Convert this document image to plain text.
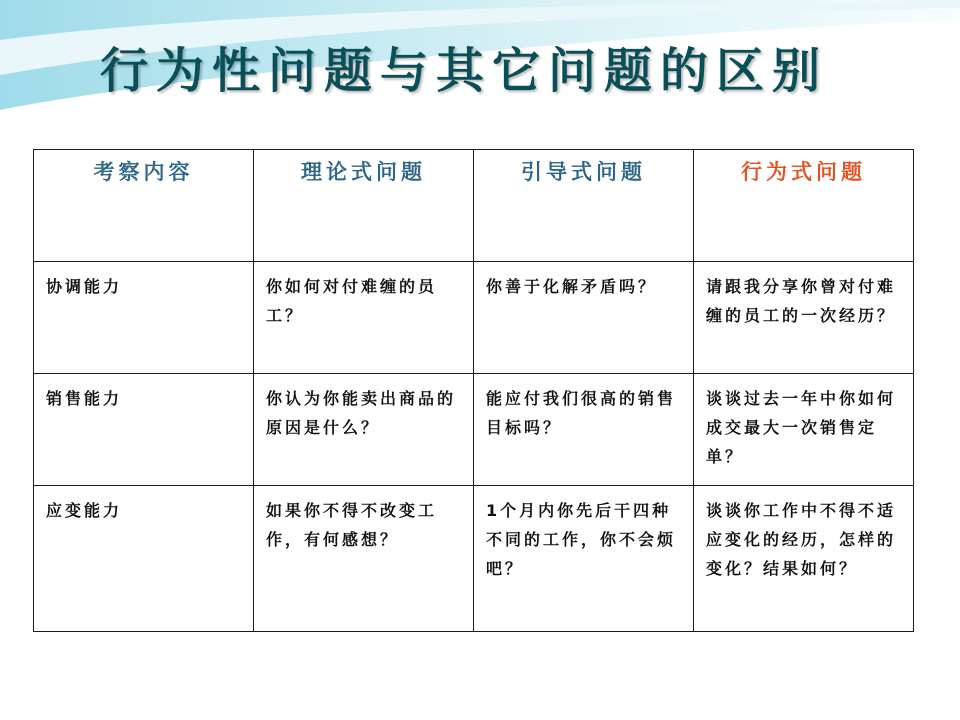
行为性问题与其它问题的区别
考察内容	理论式问题	引导式问题	行为式问题
协调能力	你如何对付难缠的员工？	你善于化解矛盾吗？	请跟我分享你曾对付难缠的员工的一次经历？
销售能力	你认为你能卖出商品的原因是什么？	能应付我们很高的销售目标吗？	谈谈过去一年中你如何成交最大一次销售定单？
应变能力	如果你不得不改变工作，有何感想？	1个月内你先后干四种不同的工作，你不会烦吧？	谈谈你工作中不得不适应变化的经历，怎样的变化？结果如何？
